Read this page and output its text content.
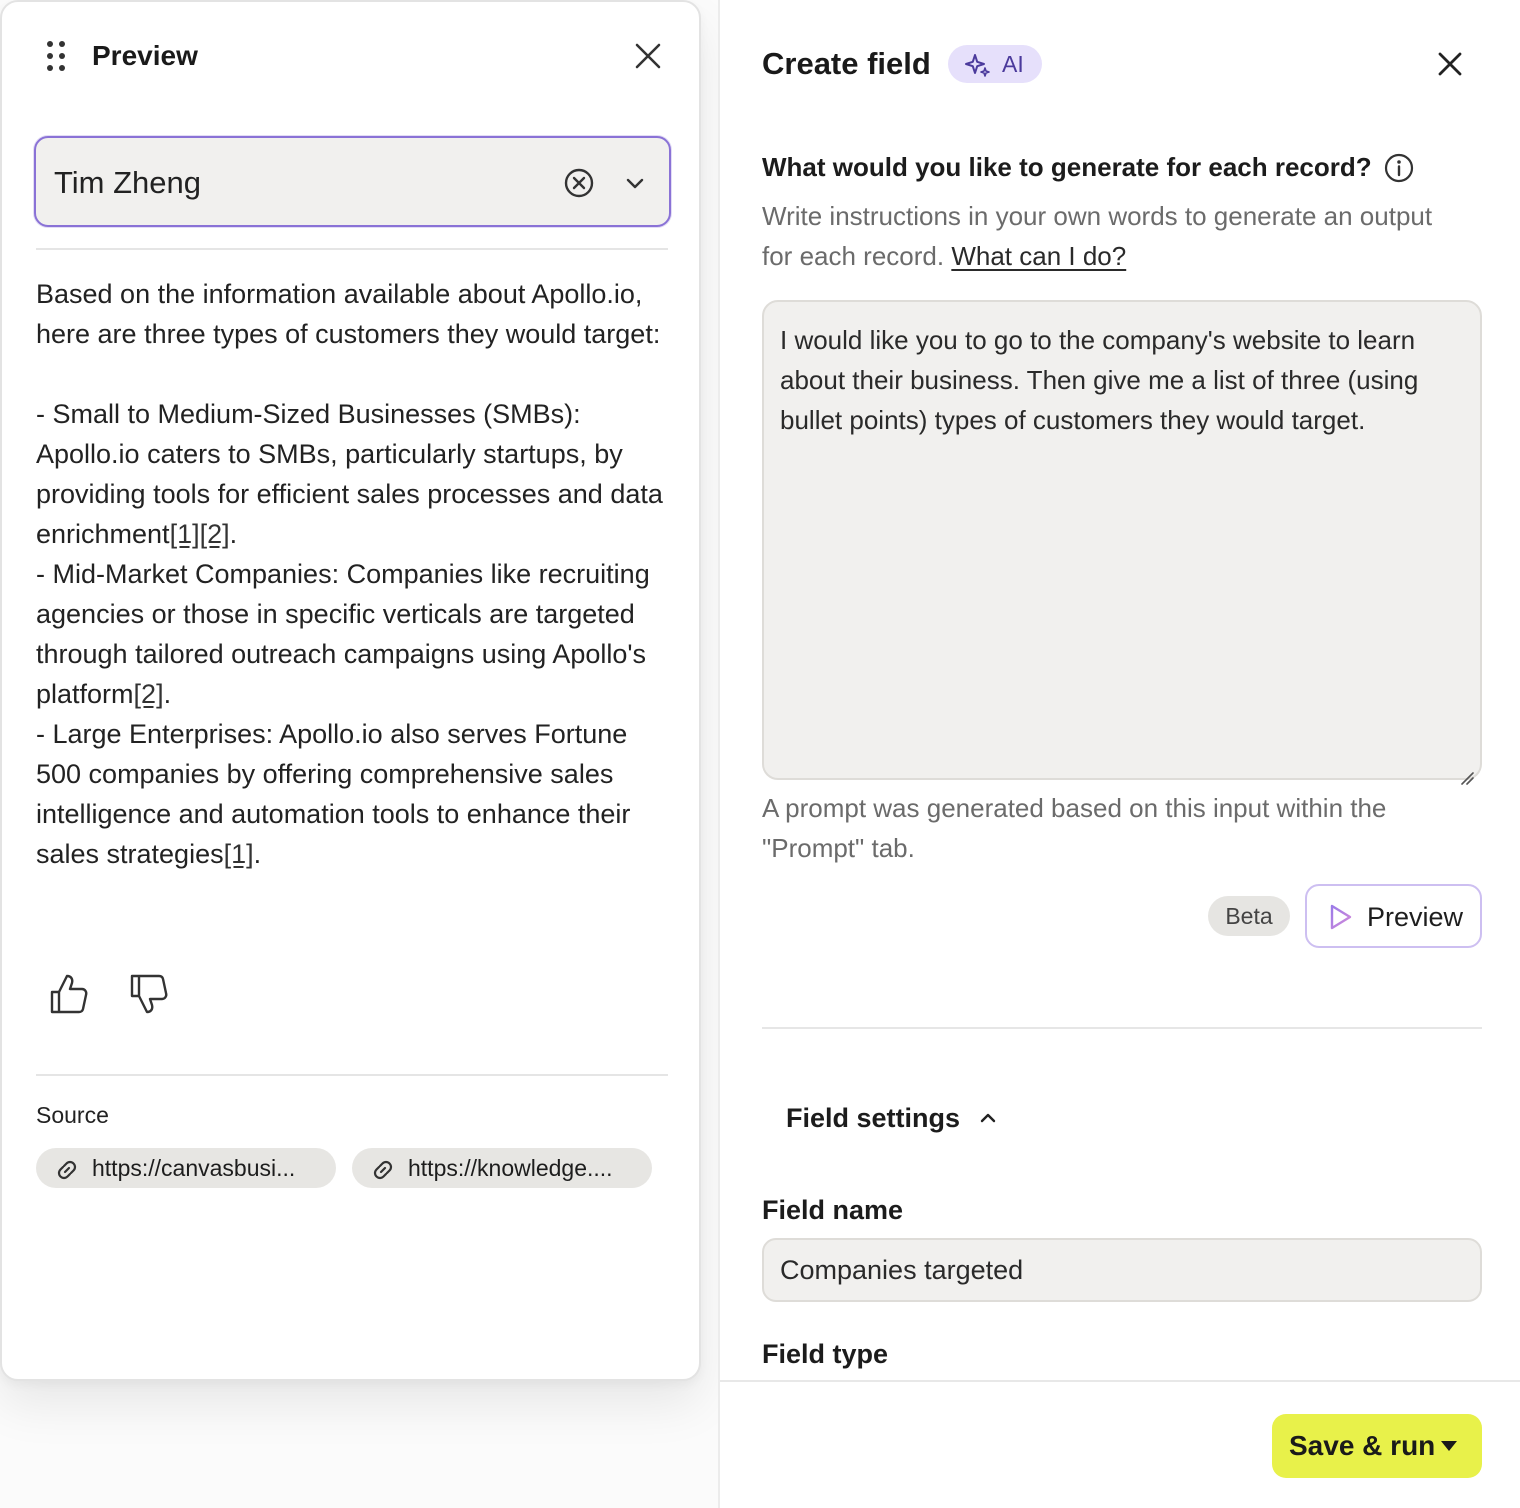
Preview
Tim Zheng

Based on the information available about Apollo.io, here are three types of customers they would target:

- Small to Medium-Sized Businesses (SMBs): Apollo.io caters to SMBs, particularly startups, by providing tools for efficient sales processes and data enrichment[1][2].

- Mid-Market Companies: Companies like recruiting agencies or those in specific verticals are targeted through tailored outreach campaigns using Apollo's platform[2].

- Large Enterprises: Apollo.io also serves Fortune 500 companies by offering comprehensive sales intelligence and automation tools to enhance their sales strategies[1].

Source
https://canvasbusi...	https://knowledge....
Create field	AI
What would you like to generate for each record?
Write instructions in your own words to generate an output for each record. What can I do?
I would like you to go to the company's website to learn about their business. Then give me a list of three (using bullet points) types of customers they would target.
A prompt was generated based on this input within the "Prompt" tab.
Beta	Preview
Field settings
Field name
Companies targeted
Field type
Save & run
